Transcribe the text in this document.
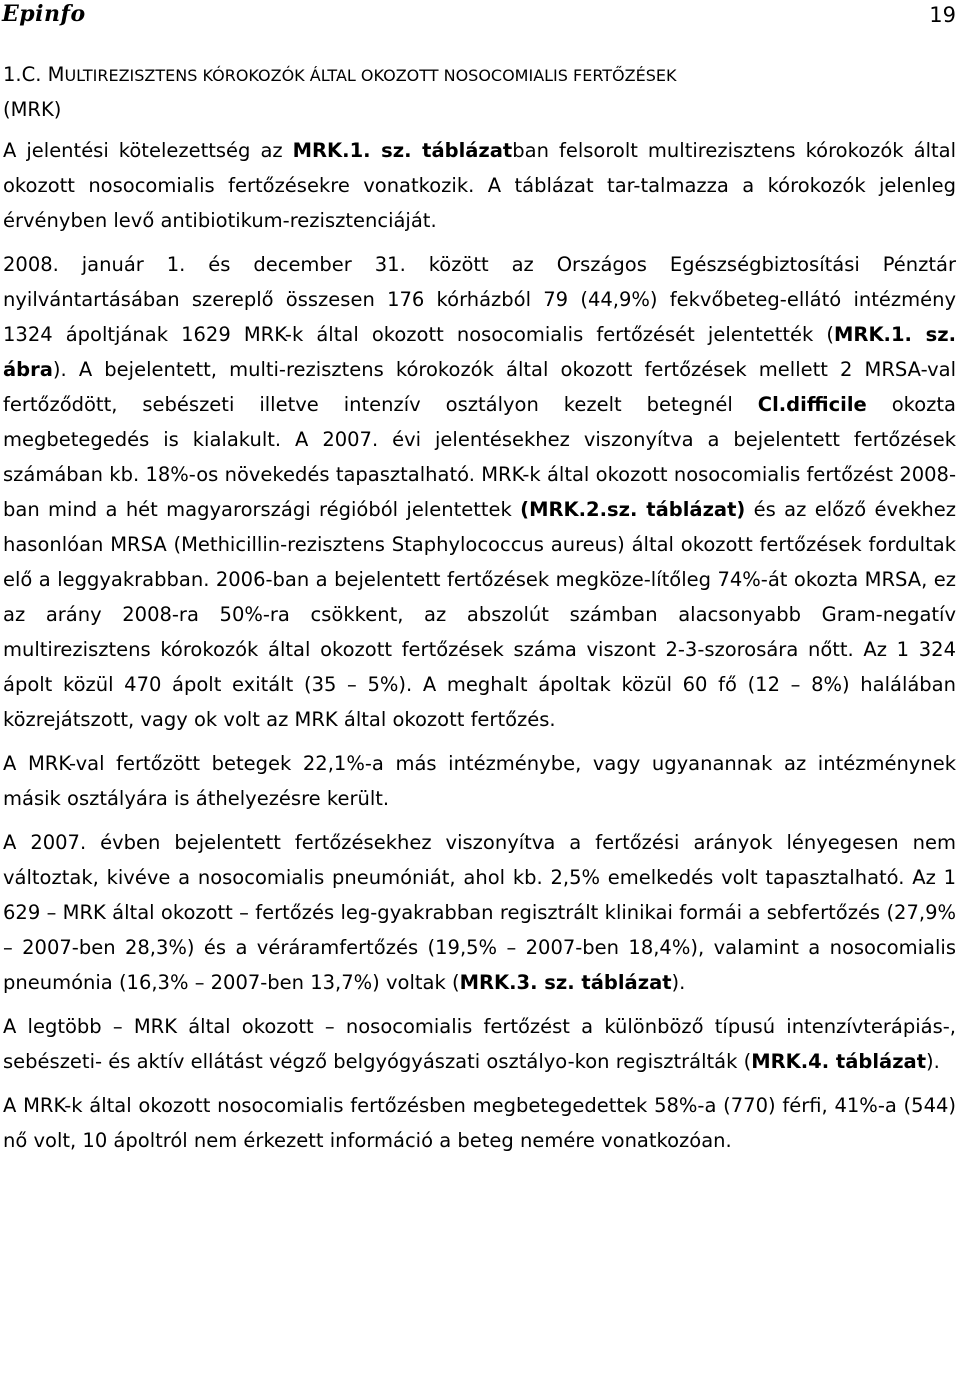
Epinfo	19
1.C. MULTIREZISZTENS KÓROKOZÓK ÁLTAL OKOZOTT NOSOCOMIALIS FERTŐZÉSEK
(MRK)

A jelentési kötelezettség az MRK.1. sz. táblázatban felsorolt multirezisztens kórokozók által okozott nosocomialis fertőzésekre vonatkozik. A táblázat tar-talmazza a kórokozók jelenleg érvényben levő antibiotikum-rezisztenciáját.

2008. január 1. és december 31. között az Országos Egészségbiztosítási Pénztár nyilvántartásában szereplő összesen 176 kórházból 79 (44,9%) fekvőbeteg-ellátó intézmény 1324 ápoltjának 1629 MRK-k által okozott nosocomialis fertőzését jelentették (MRK.1. sz. ábra). A bejelentett, multi-rezisztens kórokozók által okozott fertőzések mellett 2 MRSA-val fertőződött, sebészeti illetve intenzív osztályon kezelt betegnél Cl.difficile okozta megbetegedés is kialakult. A 2007. évi jelentésekhez viszonyítva a bejelentett fertőzések számában kb. 18%-os növekedés tapasztalható. MRK-k által okozott nosocomialis fertőzést 2008-ban mind a hét magyarországi régióból jelentettek (MRK.2.sz. táblázat) és az előző évekhez hasonlóan MRSA (Methicillin-rezisztens Staphylococcus aureus) által okozott fertőzések fordultak elő a leggyakrabban. 2006-ban a bejelentett fertőzések megköze-lítőleg 74%-át okozta MRSA, ez az arány 2008-ra 50%-ra csökkent, az abszolút számban alacsonyabb Gram-negatív multirezisztens kórokozók által okozott fertőzések száma viszont 2-3-szorosára nőtt. Az 1 324 ápolt közül 470 ápolt exitált (35 – 5%). A meghalt ápoltak közül 60 fő (12 – 8%) halálában közrejátszott, vagy ok volt az MRK által okozott fertőzés.

A MRK-val fertőzött betegek 22,1%-a más intézménybe, vagy ugyanannak az intézménynek másik osztályára is áthelyezésre került.

A 2007. évben bejelentett fertőzésekhez viszonyítva a fertőzési arányok lényegesen nem változtak, kivéve a nosocomialis pneumóniát, ahol kb. 2,5% emelkedés volt tapasztalható. Az 1 629 – MRK által okozott – fertőzés leg-gyakrabban regisztrált klinikai formái a sebfertőzés (27,9% – 2007-ben 28,3%) és a véráramfertőzés (19,5% – 2007-ben 18,4%), valamint a nosocomialis pneumónia (16,3% – 2007-ben 13,7%) voltak (MRK.3. sz. táblázat).

A legtöbb – MRK által okozott – nosocomialis fertőzést a különböző típusú intenzívterápiás-, sebészeti- és aktív ellátást végző belgyógyászati osztályo-kon regisztrálták (MRK.4. táblázat).

A MRK-k által okozott nosocomialis fertőzésben megbetegedettek 58%-a (770) férfi, 41%-a (544) nő volt, 10 ápoltról nem érkezett információ a beteg nemére vonatkozóan.
